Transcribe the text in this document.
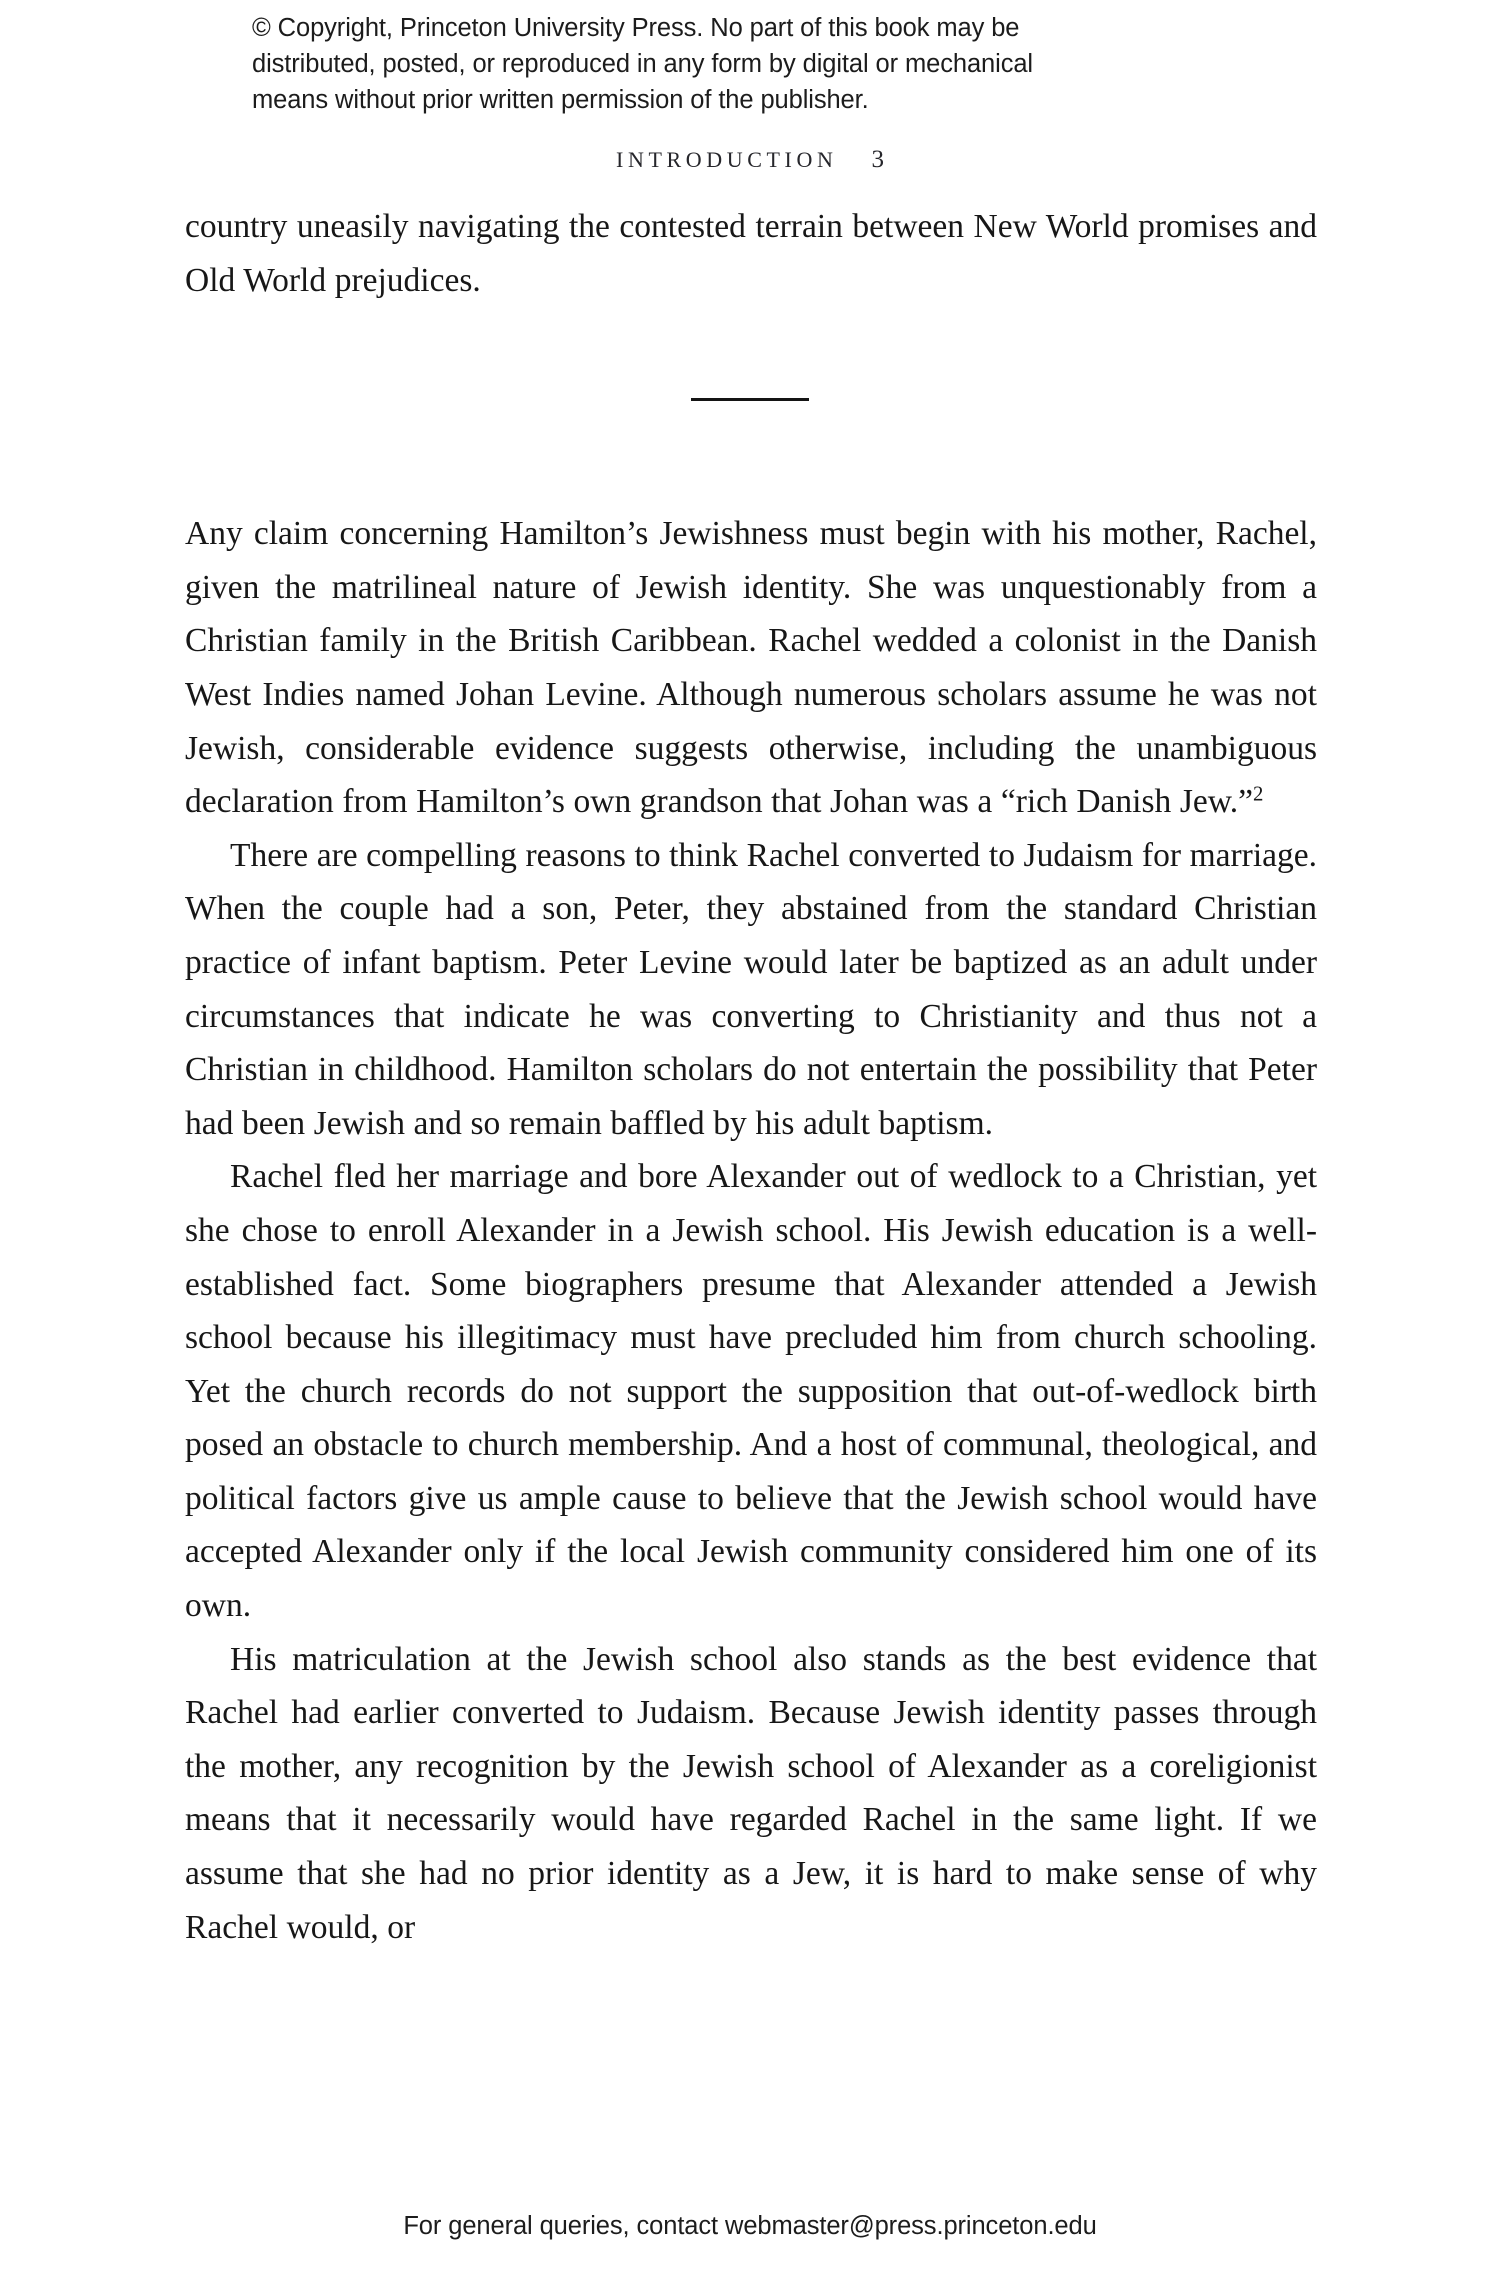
© Copyright, Princeton University Press. No part of this book may be
distributed, posted, or reproduced in any form by digital or mechanical
means without prior written permission of the publisher.
INTRODUCTION 3

country uneasily navigating the contested terrain between New World promises and Old World prejudices.

Any claim concerning Hamilton’s Jewishness must begin with his mother, Rachel, given the matrilineal nature of Jewish identity. She was unquestionably from a Christian family in the British Caribbean. Rachel wedded a colonist in the Danish West Indies named Johan Levine. Although numerous scholars assume he was not Jewish, considerable evidence suggests otherwise, including the unambiguous declaration from Hamilton’s own grandson that Johan was a “rich Danish Jew.”$^2$

There are compelling reasons to think Rachel converted to Judaism for marriage. When the couple had a son, Peter, they abstained from the standard Christian practice of infant baptism. Peter Levine would later be baptized as an adult under circumstances that indicate he was converting to Christianity and thus not a Christian in childhood. Hamilton scholars do not entertain the possibility that Peter had been Jewish and so remain baffled by his adult baptism.

Rachel fled her marriage and bore Alexander out of wedlock to a Christian, yet she chose to enroll Alexander in a Jewish school. His Jewish education is a well-established fact. Some biographers presume that Alexander attended a Jewish school because his illegitimacy must have precluded him from church schooling. Yet the church records do not support the supposition that out-of-wedlock birth posed an obstacle to church membership. And a host of communal, theological, and political factors give us ample cause to believe that the Jewish school would have accepted Alexander only if the local Jewish community considered him one of its own.

His matriculation at the Jewish school also stands as the best evidence that Rachel had earlier converted to Judaism. Because Jewish identity passes through the mother, any recognition by the Jewish school of Alexander as a coreligionist means that it necessarily would have regarded Rachel in the same light. If we assume that she had no prior identity as a Jew, it is hard to make sense of why Rachel would, or

For general queries, contact webmaster@press.princeton.edu
